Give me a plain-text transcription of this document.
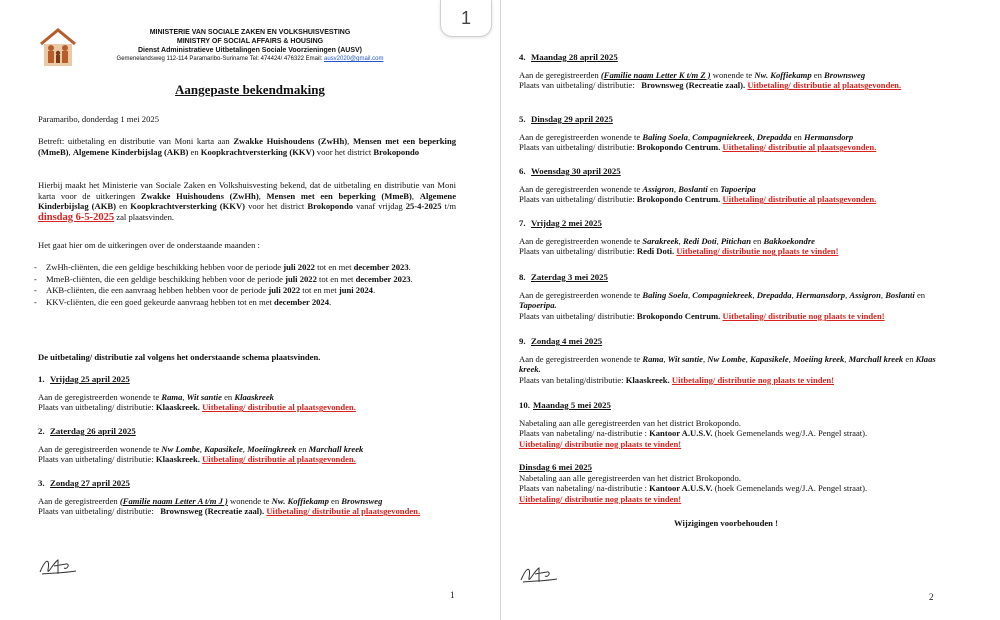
MINISTERIE VAN SOCIALE ZAKEN EN VOLKSHUISVESTING
MINISTRY OF SOCIAL AFFAIRS & HOUSING
Dienst Administratieve Uitbetalingen Sociale Voorzieningen (AUSV)
Gemenelandsweg 112-114 Paramaribo-Suriname Tel: 474424/ 476322 Email: ausv2020@gmail.com
Aangepaste bekendmaking
Paramaribo, donderdag 1 mei 2025

Betreft: uitbetaling en distributie van Moni karta aan Zwakke Huishoudens (ZwHh), Mensen met een beperking (MmeB), Algemene Kinderbijslag (AKB) en Koopkrachtversterking (KKV) voor het district Brokopondo

Hierbij maakt het Ministerie van Sociale Zaken en Volkshuisvesting bekend, dat de uitbetaling en distributie van Moni karta voor de uitkeringen Zwakke Huishoudens (ZwHh), Mensen met een beperking (MmeB), Algemene Kinderbijslag (AKB) en Koopkrachtversterking (KKV) voor het district Brokopondo vanaf vrijdag 25-4-2025 t/m dinsdag 6-5-2025 zal plaatsvinden.

Het gaat hier om de uitkeringen over de onderstaande maanden :
-	ZwHh-cliënten, die een geldige beschikking hebben voor de periode juli 2022 tot en met december 2023.
-	MmeB-cliënten, die een geldige beschikking hebben voor de periode juli 2022 tot en met december 2023.
-	AKB-cliënten, die een aanvraag hebben hebben voor de periode juli 2022 tot en met juni 2024.
-	KKV-cliënten, die een goed gekeurde aanvraag hebben tot en met december 2024.
De uitbetaling/ distributie zal volgens het onderstaande schema plaatsvinden.
1. Vrijdag 25 april 2025
Aan de geregistreerden wonende te Rama, Wit santie en Klaaskreek
Plaats van uitbetaling/ distributie: Klaaskreek. Uitbetaling/ distributie al plaatsgevonden.
2. Zaterdag 26 april 2025
Aan de geregistreerden wonende te Nw Lombe, Kapasikele, Moeiingkreek en Marchall kreek
Plaats van uitbetaling/ distributie: Klaaskreek. Uitbetaling/ distributie al plaatsgevonden.
3. Zondag 27 april 2025
Aan de geregistreerden (Familie naam Letter A t/m J ) wonende te Nw. Koffiekamp en Brownsweg
Plaats van uitbetaling/ distributie:   Brownsweg (Recreatie zaal). Uitbetaling/ distributie al plaatsgevonden.
1
1
4. Maandag 28 april 2025
Aan de geregistreerden (Familie naam Letter K t/m Z ) wonende te Nw. Koffiekamp en Brownsweg
Plaats van uitbetaling/ distributie:   Brownsweg (Recreatie zaal). Uitbetaling/ distributie al plaatsgevonden.
5. Dinsdag 29 april 2025
Aan de geregistreerden wonende te Baling Soela, Compagniekreek, Drepadda en Hermansdorp
Plaats van uitbetaling/ distributie: Brokopondo Centrum. Uitbetaling/ distributie al plaatsgevonden.
6. Woensdag 30 april 2025
Aan de geregistreerden wonende te Assigron, Boslanti en Tapoeripa
Plaats van uitbetaling/ distributie: Brokopondo Centrum. Uitbetaling/ distributie al plaatsgevonden.
7. Vrijdag 2 mei 2025
Aan de geregistreerden wonende te Sarakreek, Redi Doti, Pitichan en Bakkoekondre
Plaats van uitbetaling/ distributie: Redi Doti. Uitbetaling/ distributie nog plaats te vinden!
8. Zaterdag 3 mei 2025
Aan de geregistreerden wonende te Baling Soela, Compagniekreek, Drepadda, Hermansdorp, Assigron, Boslanti en Tapoeripa.
Plaats van uitbetaling/ distributie: Brokopondo Centrum. Uitbetaling/ distributie nog plaats te vinden!
9. Zondag 4 mei 2025
Aan de geregistreerden wonende te Rama, Wit santie, Nw Lombe, Kapasikele, Moeiing kreek, Marchall kreek en Klaas kreek.
Plaats van betaling/distributie: Klaaskreek. Uitbetaling/ distributie nog plaats te vinden!
10. Maandag 5 mei 2025
Nabetaling aan alle geregistreerden van het district Brokopondo.
Plaats van nabetaling/ na-distributie : Kantoor A.U.S.V. (hoek Gemenelands weg/J.A. Pengel straat).
Uitbetaling/ distributie nog plaats te vinden!
Dinsdag 6 mei 2025
Nabetaling aan alle geregistreerden van het district Brokopondo.
Plaats van nabetaling/ na-distributie : Kantoor A.U.S.V. (hoek Gemenelands weg/J.A. Pengel straat).
Uitbetaling/ distributie nog plaats te vinden!
Wijzigingen voorbehouden !
2
